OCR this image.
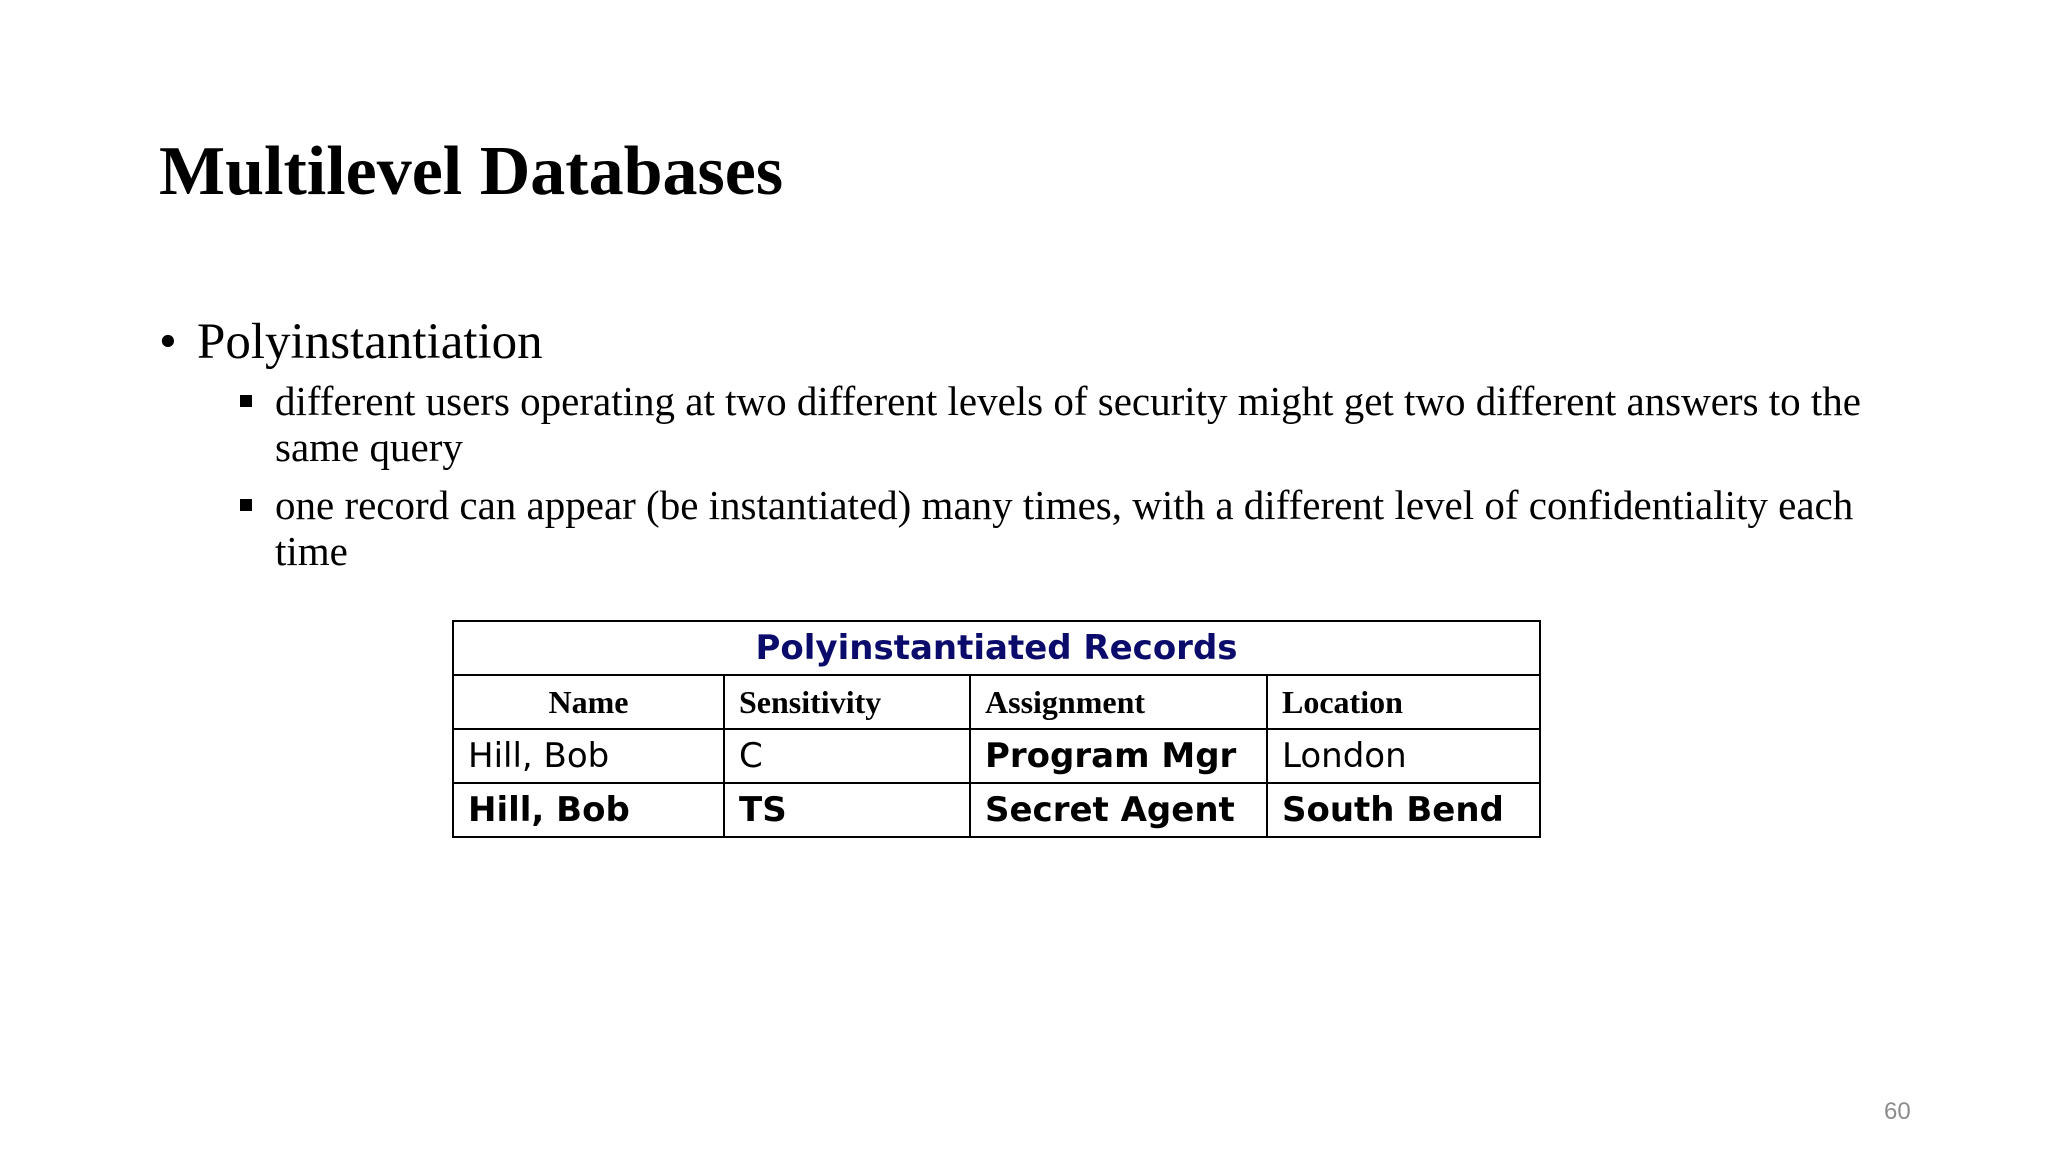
Multilevel Databases
• Polyinstantiation
different users operating at two different levels of security might get two different answers to the same query
one record can appear (be instantiated) many times, with a different level of confidentiality each time
Polyinstantiated Records			
Name	Sensitivity	Assignment	Location
Hill, Bob	C	Program Mgr	London
Hill, Bob	TS	Secret Agent	South Bend
60
